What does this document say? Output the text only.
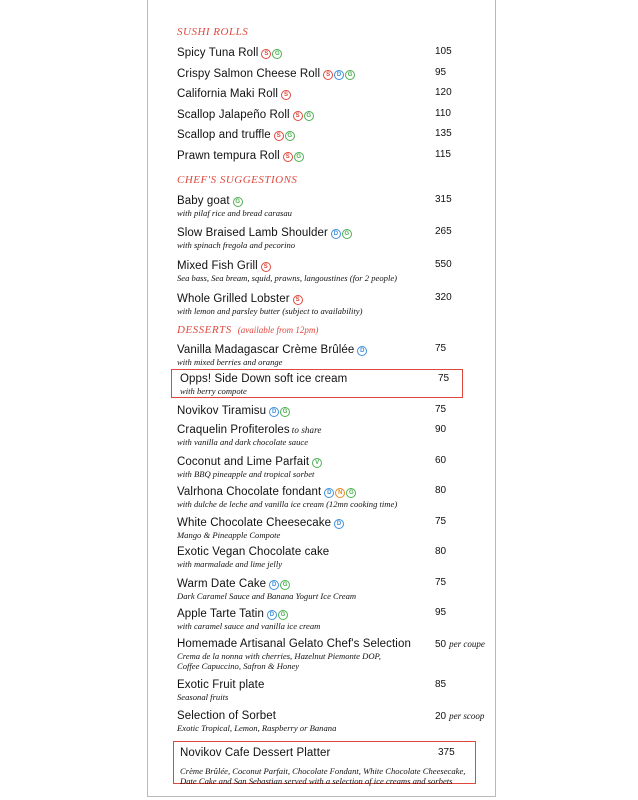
SUSHI ROLLS
CHEF'S SUGGESTIONS
DESSERTS (available from 12pm)
Spicy Tuna Roll S G	105
Crispy Salmon Cheese Roll S D G	95
California Maki Roll S	120
Scallop Jalapeño Roll S G	110
Scallop and truffle S G	135
Prawn tempura Roll S G	115
Baby goat G	315
with pilaf rice and bread carasau
Slow Braised Lamb Shoulder D G	265
with spinach fregola and pecorino
Mixed Fish Grill S	550
Sea bass, Sea bream, squid, prawns, langoustines (for 2 people)
Whole Grilled Lobster S	320
with lemon and parsley butter (subject to availability)
Vanilla Madagascar Crème Brûlée D	75
with mixed berries and orange
Opps! Side Down soft ice cream	75
with berry compote
Novikov Tiramisu D G	75
Craquelin Profiteroles to share	90
with vanilla and dark chocolate sauce
Coconut and Lime Parfait V	60
with BBQ pineapple and tropical sorbet
Valrhona Chocolate fondant D N G	80
with dulche de leche and vanilla ice cream (12mn cooking time)
White Chocolate Cheesecake D	75
Mango & Pineapple Compote
Exotic Vegan Chocolate cake	80
with marmalade and lime jelly
Warm Date Cake D G	75
Dark Caramel Sauce and Banana Yogurt Ice Cream
Apple Tarte Tatin D G	95
with caramel sauce and vanilla ice cream
Homemade Artisanal Gelato Chef's Selection	50 per coupe
Crema de la nonna with cherries, Hazelnut Piemonte DOP,
Coffee Capuccino, Safron & Honey
Exotic Fruit plate	85
Seasonal fruits
Selection of Sorbet	20 per scoop
Exotic Tropical, Lemon, Raspberry or Banana
Novikov Cafe Dessert Platter	375
Crème Brûlée, Coconut Parfait, Chocolate Fondant, White Chocolate Cheesecake,
Date Cake and San Sebastian served with a selection of ice creams and sorbets
